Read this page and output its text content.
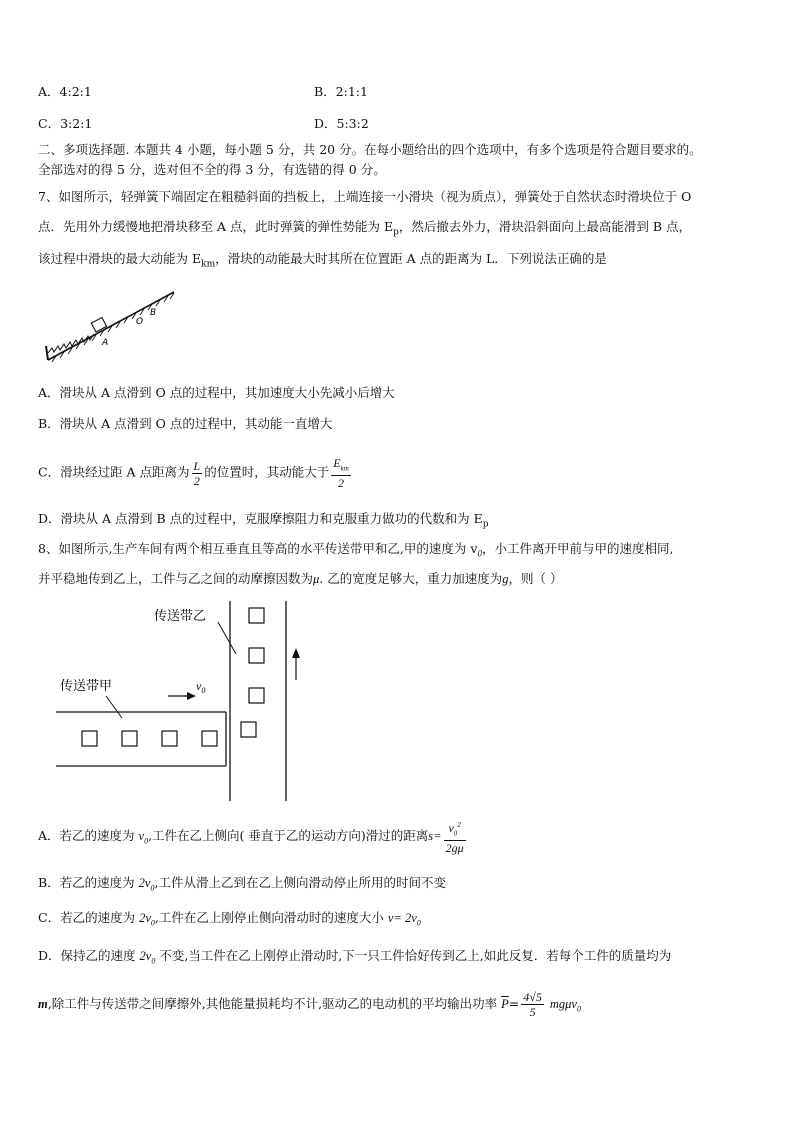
A．4:2:1	B．2:1:1
C．3:2:1	D．5:3:2
二、多项选择题. 本题共 4 小题，每小题 5 分，共 20 分。在每小题给出的四个选项中，有多个选项是符合题目要求的。
全部选对的得 5 分，选对但不全的得 3 分，有选错的得 0 分。
7、如图所示，轻弹簧下端固定在粗糙斜面的挡板上，上端连接一小滑块（视为质点），弹簧处于自然状态时滑块位于 O
点．先用外力缓慢地把滑块移至 A 点，此时弹簧的弹性势能为 $E_p$，然后撤去外力，滑块沿斜面向上最高能滑到 B 点，
该过程中滑块的最大动能为 $E_{km}$，滑块的动能最大时其所在位置距 A 点的距离为 L．下列说法正确的是
A
O
B
A．滑块从 A 点滑到 O 点的过程中，其加速度大小先减小后增大
B．滑块从 A 点滑到 O 点的过程中，其动能一直增大
C．滑块经过距 A 点距离为 $\frac{L}{2}$ 的位置时，其动能大于 $\frac{E_{km}}{2}$
D．滑块从 A 点滑到 B 点的过程中，克服摩擦阻力和克服重力做功的代数和为 $E_p$
8、如图所示,生产车间有两个相互垂直且等高的水平传送带甲和乙,甲的速度为 $v_0$，小工件离开甲前与甲的速度相同,
并平稳地传到乙上，工件与乙之间的动摩擦因数为μ. 乙的宽度足够大，重力加速度为g，则（ ）
$v_0$
传送带乙
传送带甲
A．若乙的速度为 $v_0$,工件在乙上侧向( 垂直于乙的运动方向)滑过的距离$s= \frac{v_0^2}{2g\mu}$
B．若乙的速度为 $2v_0$,工件从滑上乙到在乙上侧向滑动停止所用的时间不变
C．若乙的速度为 $2v_0$,工件在乙上刚停止侧向滑动时的速度大小 $v= 2v_0$
D．保持乙的速度 $2v_0$ 不变,当工件在乙上刚停止滑动时,下一只工件恰好传到乙上,如此反复．若每个工件的质量均为
m,除工件与传送带之间摩擦外,其他能量损耗均不计,驱动乙的电动机的平均输出功率 $\overline{P}= \frac{4√5}{5} mg\mu v_0$
